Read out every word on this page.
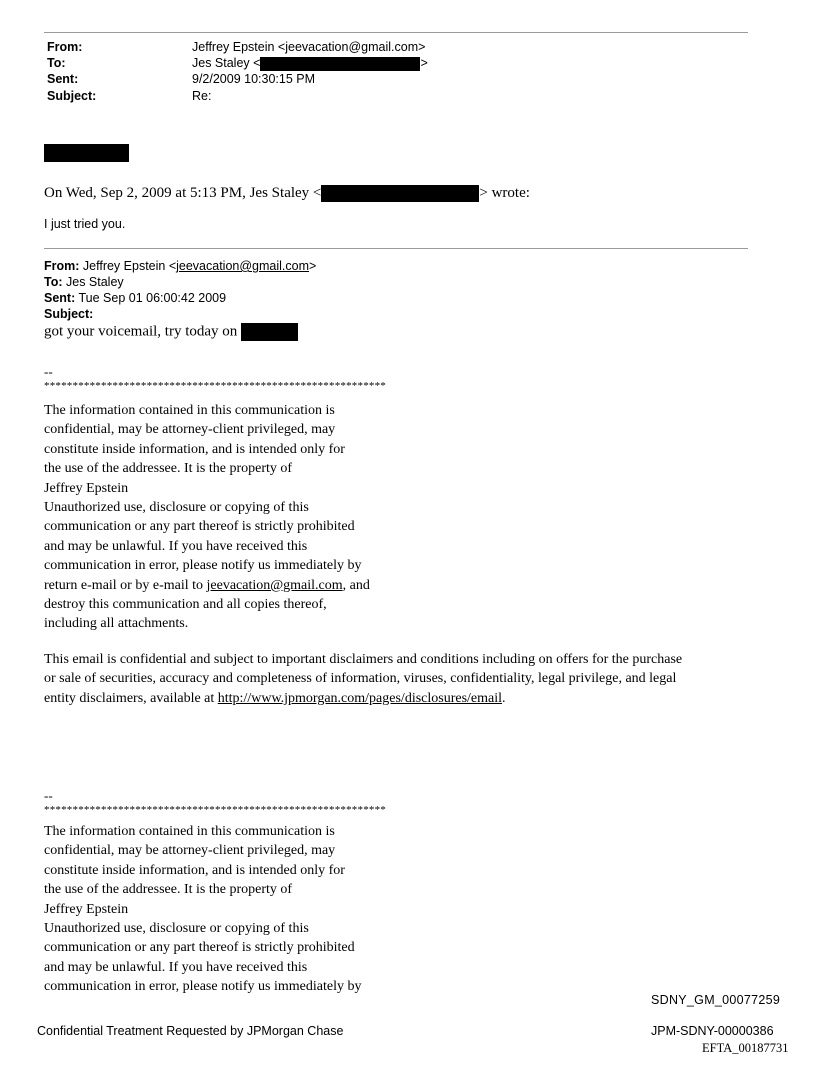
From:	Jeffrey Epstein <jeevacation@gmail.com>
To:	Jes Staley <	>
Sent:	9/2/2009 10:30:15 PM
Subject:	Re:
On Wed, Sep 2, 2009 at 5:13 PM, Jes Staley <	> wrote:
I just tried you.
From: Jeffrey Epstein <jeevacation@gmail.com>
To: Jes Staley
Sent: Tue Sep 01 06:00:42 2009
Subject:
got your voicemail, try today on
--
************************************************************
The information contained in this communication is
confidential, may be attorney-client privileged, may
constitute inside information, and is intended only for
the use of the addressee. It is the property of
Jeffrey Epstein
Unauthorized use, disclosure or copying of this
communication or any part thereof is strictly prohibited
and may be unlawful. If you have received this
communication in error, please notify us immediately by
return e-mail or by e-mail to jeevacation@gmail.com, and
destroy this communication and all copies thereof,
including all attachments.
This email is confidential and subject to important disclaimers and conditions including on offers for the purchase
or sale of securities, accuracy and completeness of information, viruses, confidentiality, legal privilege, and legal
entity disclaimers, available at http://www.jpmorgan.com/pages/disclosures/email.
--
************************************************************
The information contained in this communication is
confidential, may be attorney-client privileged, may
constitute inside information, and is intended only for
the use of the addressee. It is the property of
Jeffrey Epstein
Unauthorized use, disclosure or copying of this
communication or any part thereof is strictly prohibited
and may be unlawful. If you have received this
communication in error, please notify us immediately by
SDNY_GM_00077259
Confidential Treatment Requested by JPMorgan Chase	JPM-SDNY-00000386
EFTA_00187731
